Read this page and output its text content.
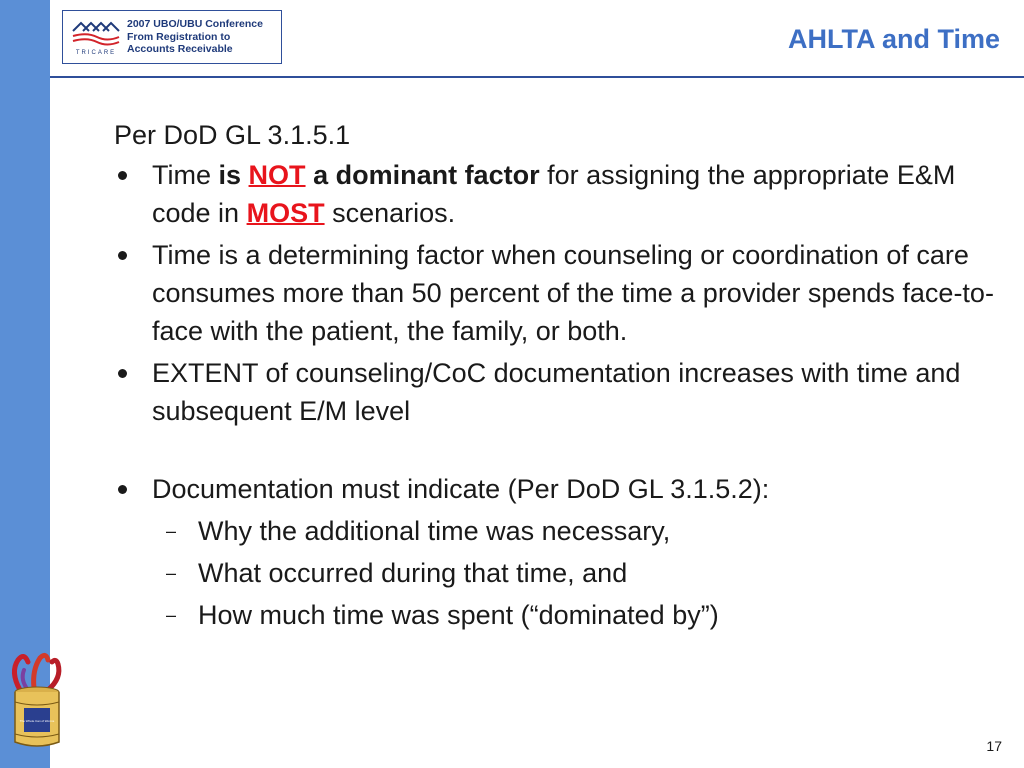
TRICARE
2007 UBO/UBU Conference
From Registration to
Accounts Receivable	AHLTA and Time
Per DoD GL 3.1.5.1
Time is NOT a dominant factor for assigning the appropriate E&M code in MOST scenarios.
Time is a determining factor when counseling or coordination of care consumes more than 50 percent of the time a provider spends face-to-face with the patient, the family, or both.
EXTENT of counseling/CoC documentation increases with time and subsequent E/M level
Documentation must indicate (Per DoD GL 3.1.5.2):
– Why the additional time was necessary,
– What occurred during that time, and
– How much time was spent (“dominated by”)
The Whole Can of Worms
17
